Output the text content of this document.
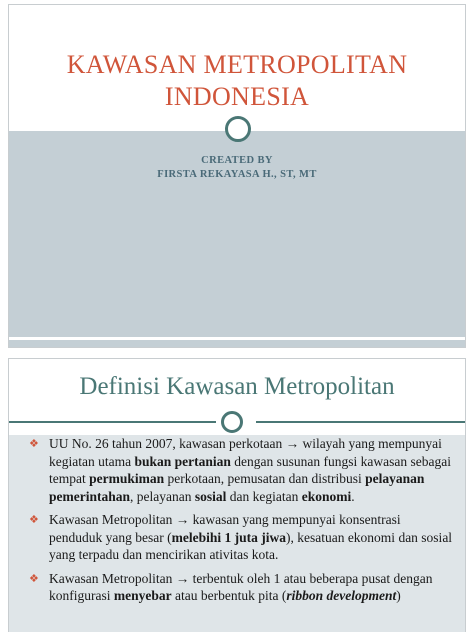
KAWASAN METROPOLITAN
INDONESIA
CREATED BY
FIRSTA REKAYASA H., ST, MT
Definisi Kawasan Metropolitan
❖ UU No. 26 tahun 2007, kawasan perkotaan → wilayah yang mempunyai kegiatan utama bukan pertanian dengan susunan fungsi kawasan sebagai tempat permukiman perkotaan, pemusatan dan distribusi pelayanan pemerintahan, pelayanan sosial dan kegiatan ekonomi.
❖ Kawasan Metropolitan → kawasan yang mempunyai konsentrasi penduduk yang besar (melebihi 1 juta jiwa), kesatuan ekonomi dan sosial yang terpadu dan mencirikan ativitas kota.
❖ Kawasan Metropolitan → terbentuk oleh 1 atau beberapa pusat dengan konfigurasi menyebar atau berbentuk pita (ribbon development)
